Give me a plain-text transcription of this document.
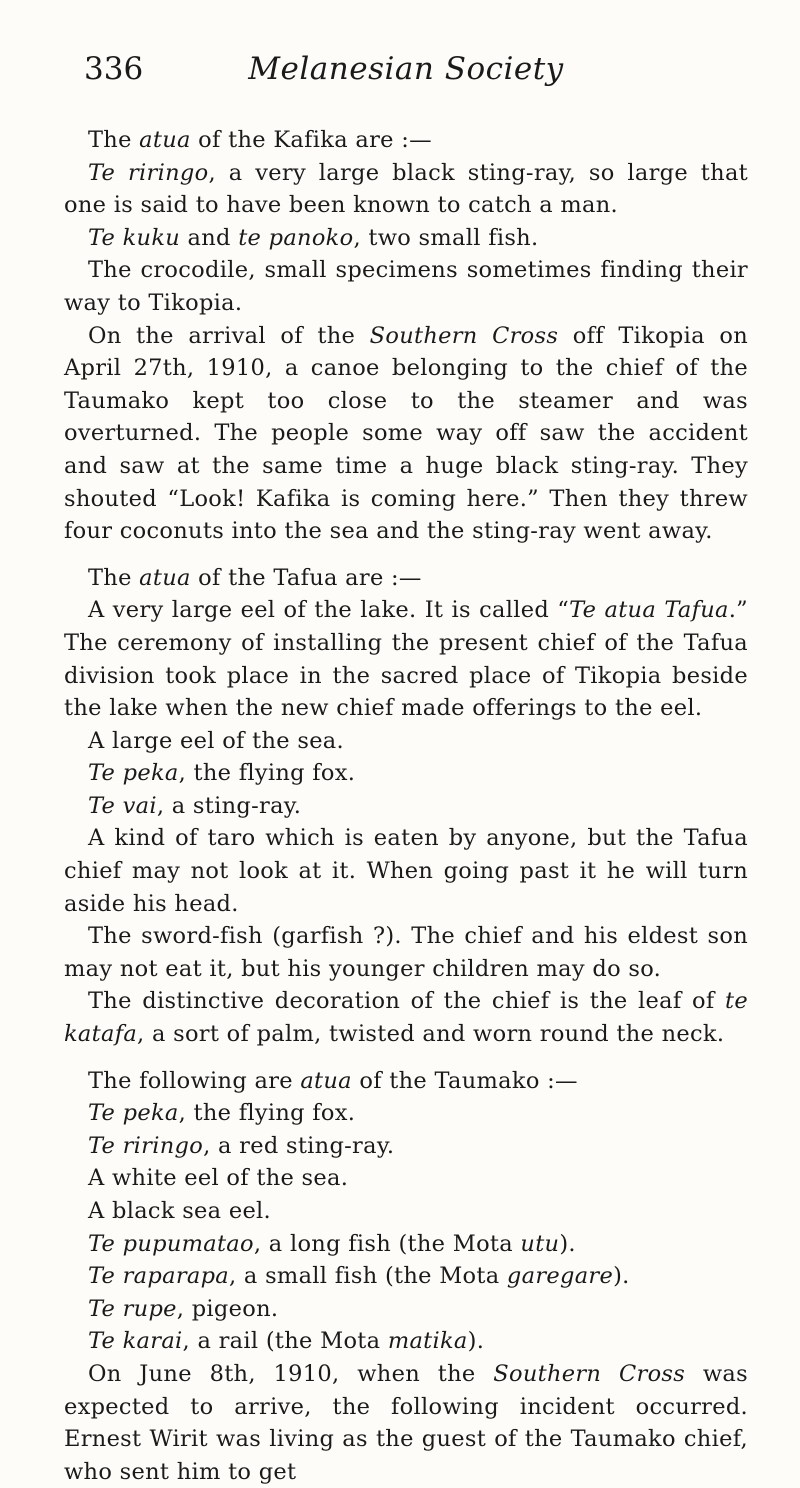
336	Melanesian Society

The atua of the Kafika are :—

Te riringo, a very large black sting-ray, so large that one is said to have been known to catch a man.

Te kuku and te panoko, two small fish.

The crocodile, small specimens sometimes finding their way to Tikopia.

On the arrival of the Southern Cross off Tikopia on April 27th, 1910, a canoe belonging to the chief of the Taumako kept too close to the steamer and was overturned. The people some way off saw the accident and saw at the same time a huge black sting-ray. They shouted “Look! Kafika is coming here.” Then they threw four coconuts into the sea and the sting-ray went away.

The atua of the Tafua are :—

A very large eel of the lake. It is called “Te atua Tafua.” The ceremony of installing the present chief of the Tafua division took place in the sacred place of Tikopia beside the lake when the new chief made offerings to the eel.

A large eel of the sea.

Te peka, the flying fox.

Te vai, a sting-ray.

A kind of taro which is eaten by anyone, but the Tafua chief may not look at it. When going past it he will turn aside his head.

The sword-fish (garfish ?). The chief and his eldest son may not eat it, but his younger children may do so.

The distinctive decoration of the chief is the leaf of te katafa, a sort of palm, twisted and worn round the neck.

The following are atua of the Taumako :—

Te peka, the flying fox.

Te riringo, a red sting-ray.

A white eel of the sea.

A black sea eel.

Te pupumatao, a long fish (the Mota utu).

Te raparapa, a small fish (the Mota garegare).

Te rupe, pigeon.

Te karai, a rail (the Mota matika).

On June 8th, 1910, when the Southern Cross was expected to arrive, the following incident occurred. Ernest Wirit was living as the guest of the Taumako chief, who sent him to get
